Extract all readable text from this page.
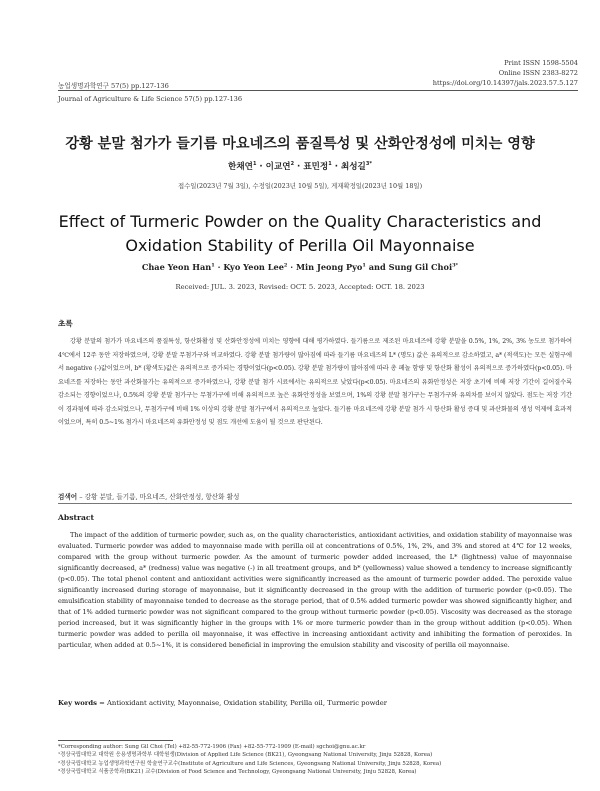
Print ISSN 1598-5504
Online ISSN 2383-8272
https://doi.org/10.14397/jals.2023.57.5.127
농업생명과학연구 57(5) pp.127-136
Journal of Agriculture & Life Science 57(5) pp.127-136
강황 분말 첨가가 들기름 마요네즈의 품질특성 및 산화안정성에 미치는 영향
한채연$^1$ · 이교연$^2$ · 표민정$^1$ · 최성길$^{3*}$
접수일(2023년 7월 3일), 수정일(2023년 10월 5일), 게재확정일(2023년 10월 18일)
Effect of Turmeric Powder on the Quality Characteristics and
Oxidation Stability of Perilla Oil Mayonnaise
Chae Yeon Han$^1$ · Kyo Yeon Lee$^2$ · Min Jeong Pyo$^1$ and Sung Gil Choi$^{3*}$
Received: JUL. 3. 2023, Revised: OCT. 5. 2023, Accepted: OCT. 18. 2023
초록

강황 분말의 첨가가 마요네즈의 품질특성, 항산화활성 및 산화안정성에 미치는 영향에 대해 평가하였다. 들기름으로 제조된 마요네즈에 강황 분말을 0.5%, 1%, 2%, 3% 농도로 첨가하여 4℃에서 12주 동안 저장하였으며, 강황 분말 무첨가구와 비교하였다. 강황 분말 첨가량이 많아짐에 따라 들기름 마요네즈의 L* (명도) 값은 유의적으로 감소하였고, a* (적색도)는 모든 실험구에서 negative (-)값이었으며, b* (황색도)값은 유의적으로 증가되는 경향이었다(p<0.05). 강황 분말 첨가량이 많아짐에 따라 총 페놀 함량 및 항산화 활성이 유의적으로 증가하였다(p<0.05). 마요네즈를 저장하는 동안 과산화물가는 유의적으로 증가하였으나, 강황 분말 첨가 시료에서는 유의적으로 낮았다(p<0.05). 마요네즈의 유화안정성은 저장 초기에 비해 저장 기간이 길어질수록 감소되는 경향이었으나, 0.5%의 강황 분말 첨가구는 무첨가구에 비해 유의적으로 높은 유화안정성을 보였으며, 1%의 강황 분말 첨가구는 무첨가구와 유의차를 보이지 않았다. 점도는 저장 기간이 경과됨에 따라 감소되었으나, 무첨가구에 비해 1% 이상의 강황 분말 첨가구에서 유의적으로 높았다. 들기름 마요네즈에 강황 분말 첨가 시 항산화 활성 증대 및 과산화물의 생성 억제에 효과적이었으며, 특히 0.5~1% 첨가시 마요네즈의 유화안정성 및 점도 개선에 도움이 될 것으로 판단된다.

검색어 – 강황 분말, 들기름, 마요네즈, 산화안정성, 항산화 활성
Abstract

The impact of the addition of turmeric powder, such as, on the quality characteristics, antioxidant activities, and oxidation stability of mayonnaise was evaluated. Turmeric powder was added to mayonnaise made with perilla oil at concentrations of 0.5%, 1%, 2%, and 3% and stored at 4℃ for 12 weeks, compared with the group without turmeric powder. As the amount of turmeric powder added increased, the L* (lightness) value of mayonnaise significantly decreased, a* (redness) value was negative (-) in all treatment groups, and b* (yellowness) value showed a tendency to increase significantly (p<0.05). The total phenol content and antioxidant activities were significantly increased as the amount of turmeric powder added. The peroxide value significantly increased during storage of mayonnaise, but it significantly decreased in the group with the addition of turmeric powder (p<0.05). The emulsification stability of mayonnaise tended to decrease as the storage period, that of 0.5% added turmeric powder was showed significantly higher, and that of 1% added turmeric powder was not significant compared to the group without turmeric powder (p<0.05). Viscosity was decreased as the storage period increased, but it was significantly higher in the groups with 1% or more turmeric powder than in the group without addition (p<0.05). When turmeric powder was added to perilla oil mayonnaise, it was effective in increasing antioxidant activity and inhibiting the formation of peroxides. In particular, when added at 0.5~1%, it is considered beneficial in improving the emulsion stability and viscosity of perilla oil mayonnaise.

Key words = Antioxidant activity, Mayonnaise, Oxidation stability, Perilla oil, Turmeric powder
*Corresponding author: Sung Gil Choi (Tel) +82-55-772-1906 (Fax) +82-55-772-1909 (E-mail) sgchoi@gnu.ac.kr
¹경상국립대학교 대학원 응용생명과학부 대학원생(Division of Applied Life Science (BK21), Gyeongsang National University, Jinju 52828, Korea)
²경상국립대학교 농업생명과학연구원 학술연구교수(Institute of Agriculture and Life Sciences, Gyeongsang National University, Jinju 52828, Korea)
³경상국립대학교 식품공학과(BK21) 교수(Division of Food Science and Technology, Gyeongsang National University, Jinju 52828, Korea)
